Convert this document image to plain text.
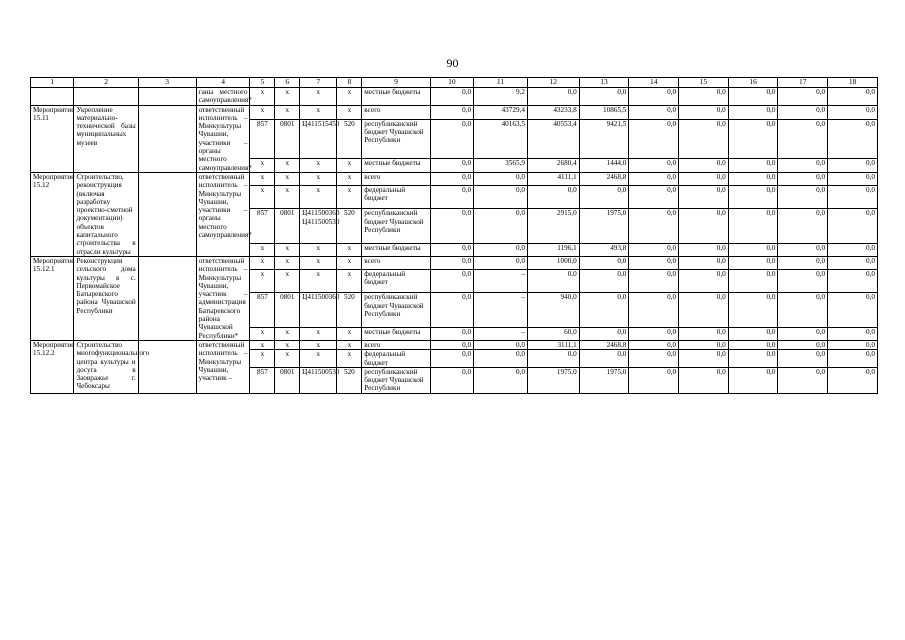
90
1	2	3	4	5	6	7	8	9	10	11	12	13	14	15	16	17	18
			ганы местного самоуправления*	x	x	x	x	местные бюджеты	0,0	9,2	0,0	0,0	0,0	0,0	0,0	0,0	0,0
Мероприятие 15.11	Укрепление материально-технической базы муниципальных музеев		ответственный исполнитель – Минкультуры Чувашии, участники – органы местного самоуправления*	x	x	x	x	всего	0,0	43729,4	43233,8	10865,5	0,0	0,0	0,0	0,0	0,0
				857	0801	Ц411515450	520	республиканский бюджет Чувашской Республики	0,0	40163,5	40553,4	9421,5	0,0	0,0	0,0	0,0	0,0
				x	x	x	x	местные бюджеты	0,0	3565,9	2680,4	1444,0	0,0	0,0	0,0	0,0	0,0
Мероприятие 15.12	Строительство, реконструкция (включая разработку проектно-сметной документации) объектов капитального строительства в отрасли культуры		ответственный исполнитель – Минкультуры Чувашии, участники – органы местного самоуправления*	x	x	x	x	всего	0,0	0,0	4111,1	2468,8	0,0	0,0	0,0	0,0	0,0
				x	x	x	x	федеральный бюджет	0,0	0,0	0,0	0,0	0,0	0,0	0,0	0,0	0,0
				857	0801	Ц411500360 Ц411500530	520	республиканский бюджет Чувашской Республики	0,0	0,0	2915,0	1975,0	0,0	0,0	0,0	0,0	0,0
				x	x	x	x	местные бюджеты	0,0	0,0	1196,1	493,8	0,0	0,0	0,0	0,0	0,0
Мероприятие 15.12.1	Реконструкция сельского дома культуры в с. Первомайское Батыревского района Чувашской Республики		ответственный исполнитель – Минкультуры Чувашии, участник – администрация Батыревского района Чувашской Республики*	x	x	x	x	всего	0,0	0,0	1000,0	0,0	0,0	0,0	0,0	0,0	0,0
				x	x	x	x	федеральный бюджет	0,0	–	0,0	0,0	0,0	0,0	0,0	0,0	0,0
				857	0801	Ц411500360	520	республиканский бюджет Чувашской Республики	0,0	–	940,0	0,0	0,0	0,0	0,0	0,0	0,0
				x	x	x	x	местные бюджеты	0,0	–	60,0	0,0	0,0	0,0	0,0	0,0	0,0
Мероприятие 15.12.2	Строительство многофункционального центра культуры и досуга в Заовражье г. Чебоксары		ответственный исполнитель – Минкультуры Чувашии, участник –	x	x	x	x	всего	0,0	0,0	3111,1	2468,8	0,0	0,0	0,0	0,0	0,0
				x	x	x	x	федеральный бюджет	0,0	0,0	0,0	0,0	0,0	0,0	0,0	0,0	0,0
				857	0801	Ц411500530	520	республиканский бюджет Чувашской Республики	0,0	0,0	1975,0	1975,0	0,0	0,0	0,0	0,0	0,0
